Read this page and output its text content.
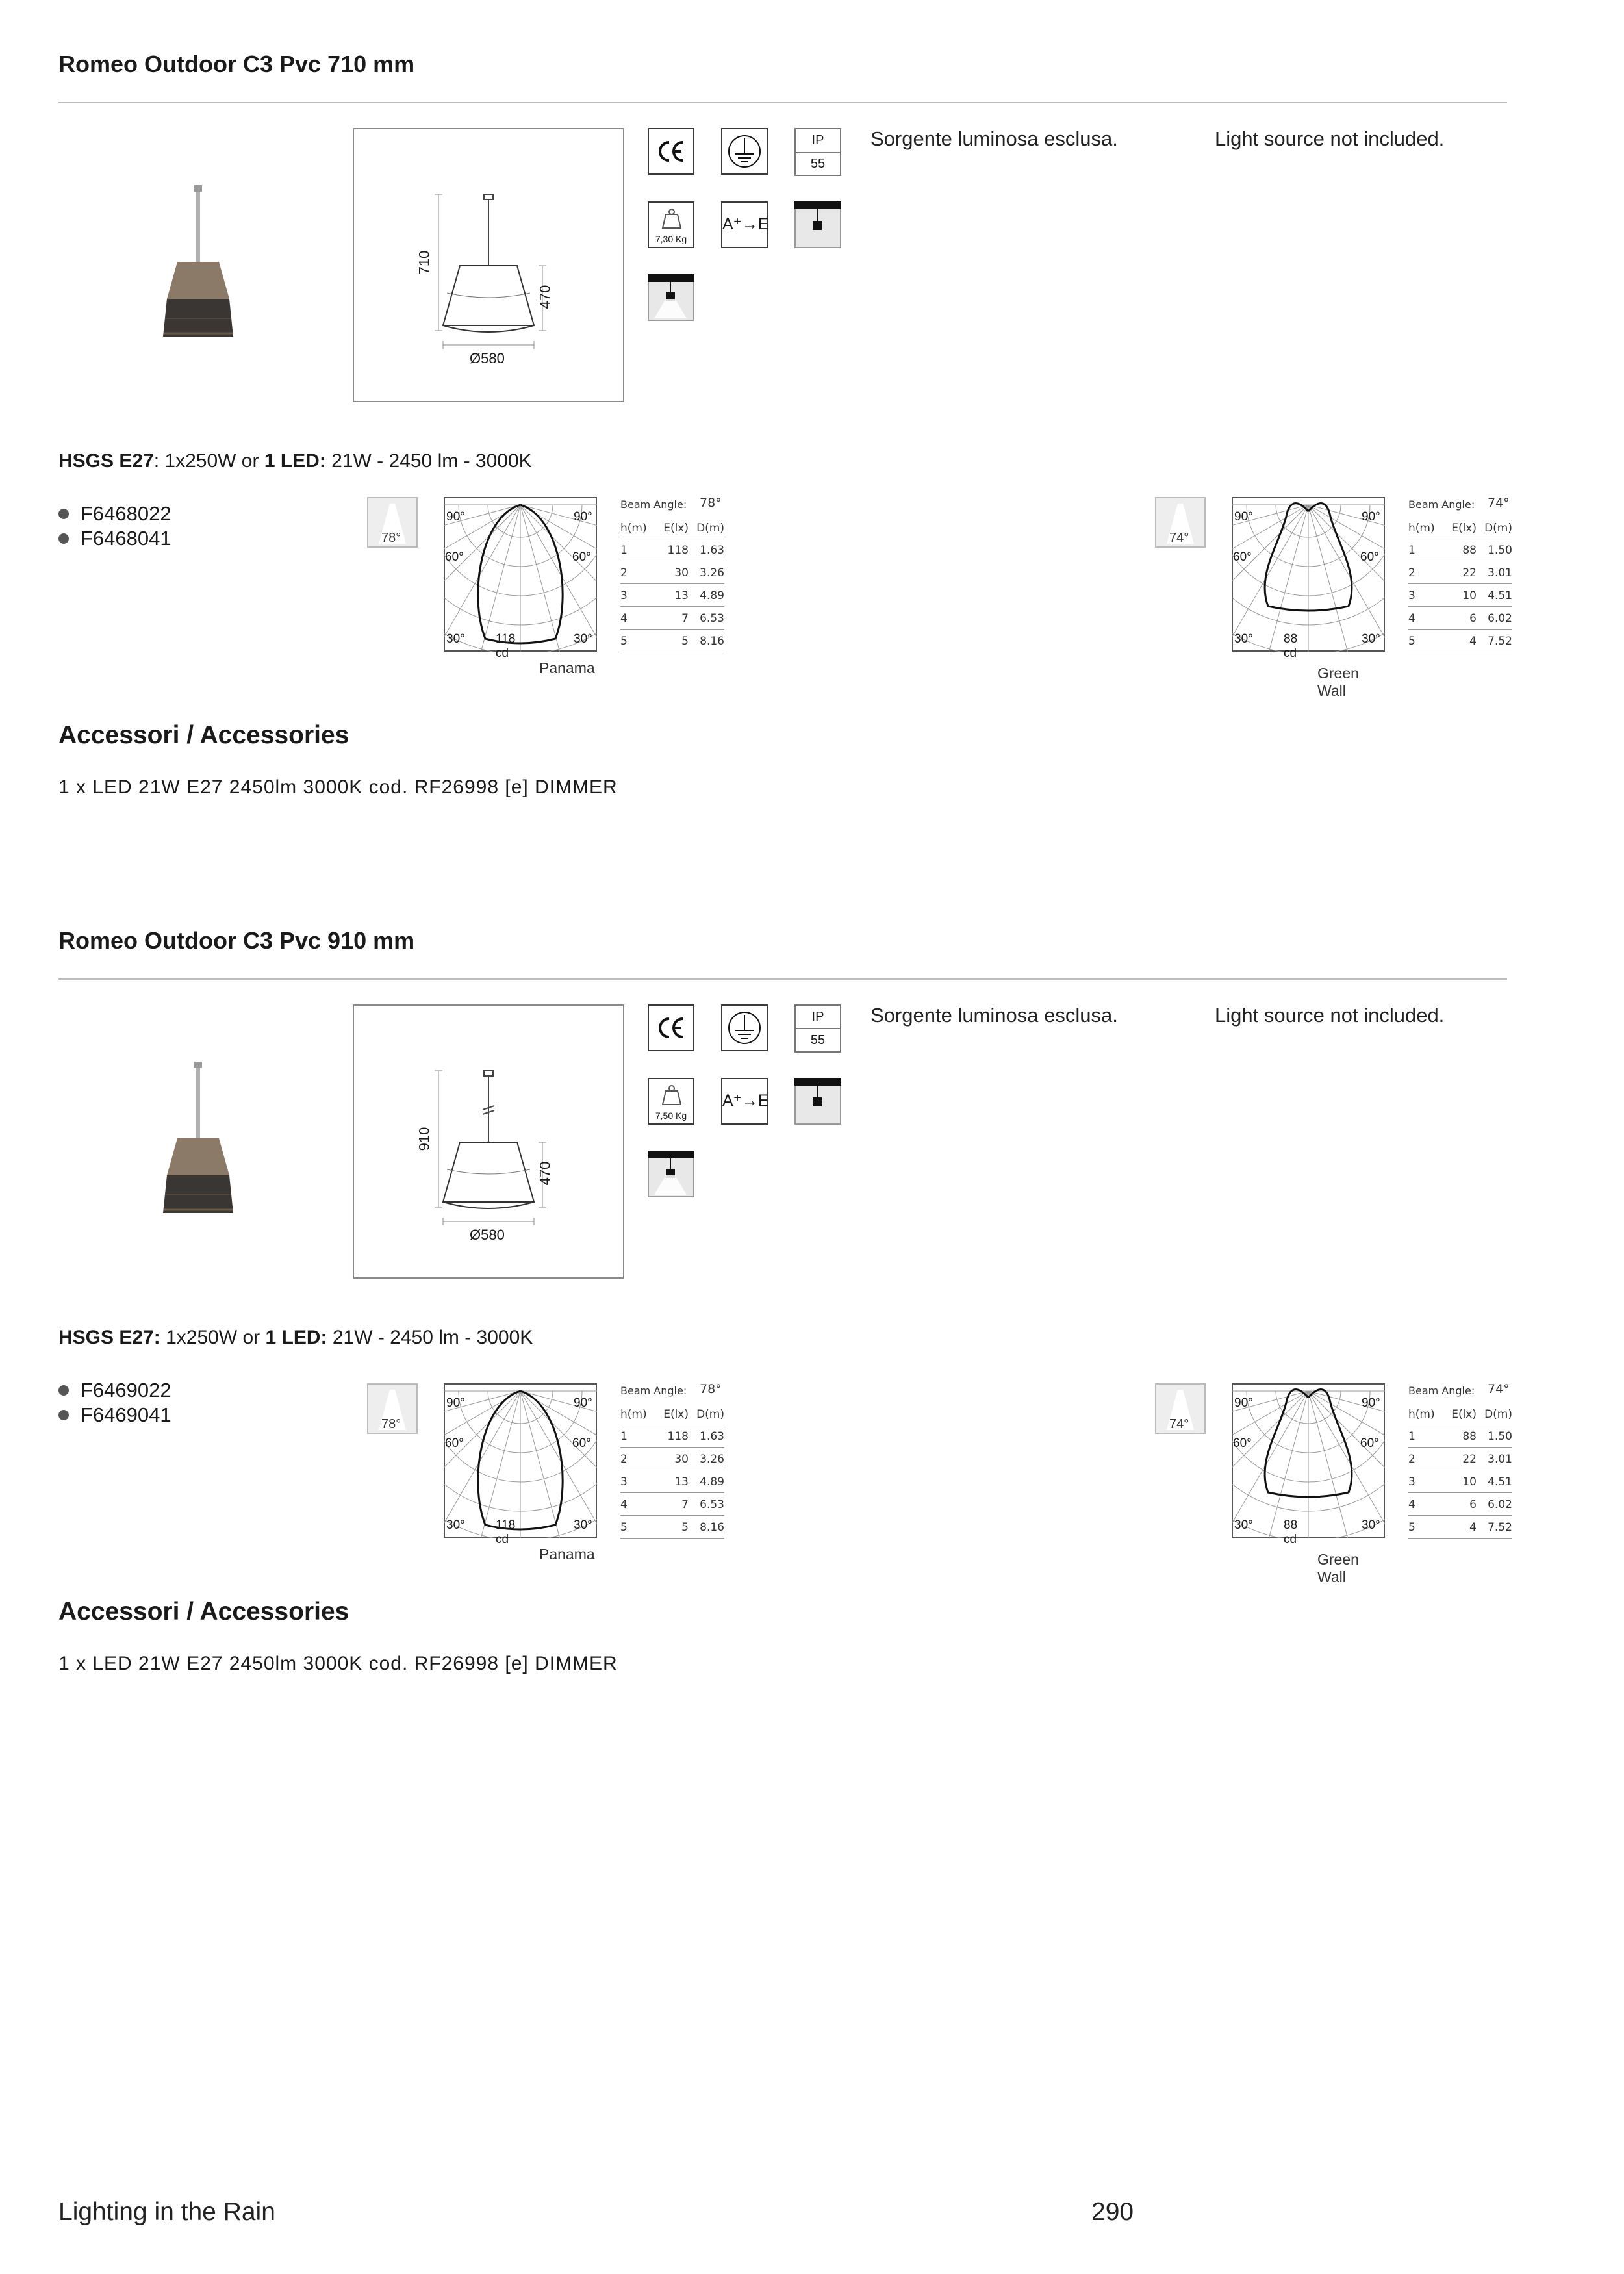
Romeo Outdoor C3 Pvc 710 mm
710
470
Ø580
IP
55
7,30 Kg
A⁺→E
Sorgente luminosa esclusa.	Light source not included.
HSGS E27: 1x250W or 1 LED: 21W - 2450 lm - 3000K
F6468022
F6468041	78°
90°	90°
60°	60°
30°	30°
118 cd
Beam Angle:	78°
h(m)	E(lx) D(m)
1	118	1.63
2	30	3.26
3	13	4.89
4	7	6.53
5	5	8.16
Panama
74°
90°	90°
60°	60°
30°	30°
88 cd
Beam Angle:	74°
h(m)	E(lx) D(m)
1	88	1.50
2	22	3.01
3	10	4.51
4	6	6.02
5	4	7.52
Green Wall
Accessori / Accessories
1 x LED 21W E27 2450lm 3000K cod. RF26998 [e] DIMMER
Romeo Outdoor C3 Pvc 910 mm
910
470
Ø580
IP
55
7,50 Kg
A⁺→E
Sorgente luminosa esclusa.	Light source not included.
HSGS E27: 1x250W or 1 LED: 21W - 2450 lm - 3000K
F6469022
F6469041	78°
90°	90°
60°	60°
30°	30°
118 cd
Beam Angle:	78°
h(m)	E(lx) D(m)
1	118	1.63
2	30	3.26
3	13	4.89
4	7	6.53
5	5	8.16
Panama
74°
90°	90°
60°	60°
30°	30°
88 cd
Beam Angle:	74°
h(m)	E(lx) D(m)
1	88	1.50
2	22	3.01
3	10	4.51
4	6	6.02
5	4	7.52
Green Wall
Accessori / Accessories
1 x LED 21W E27 2450lm 3000K cod. RF26998 [e] DIMMER
Lighting in the Rain	290
